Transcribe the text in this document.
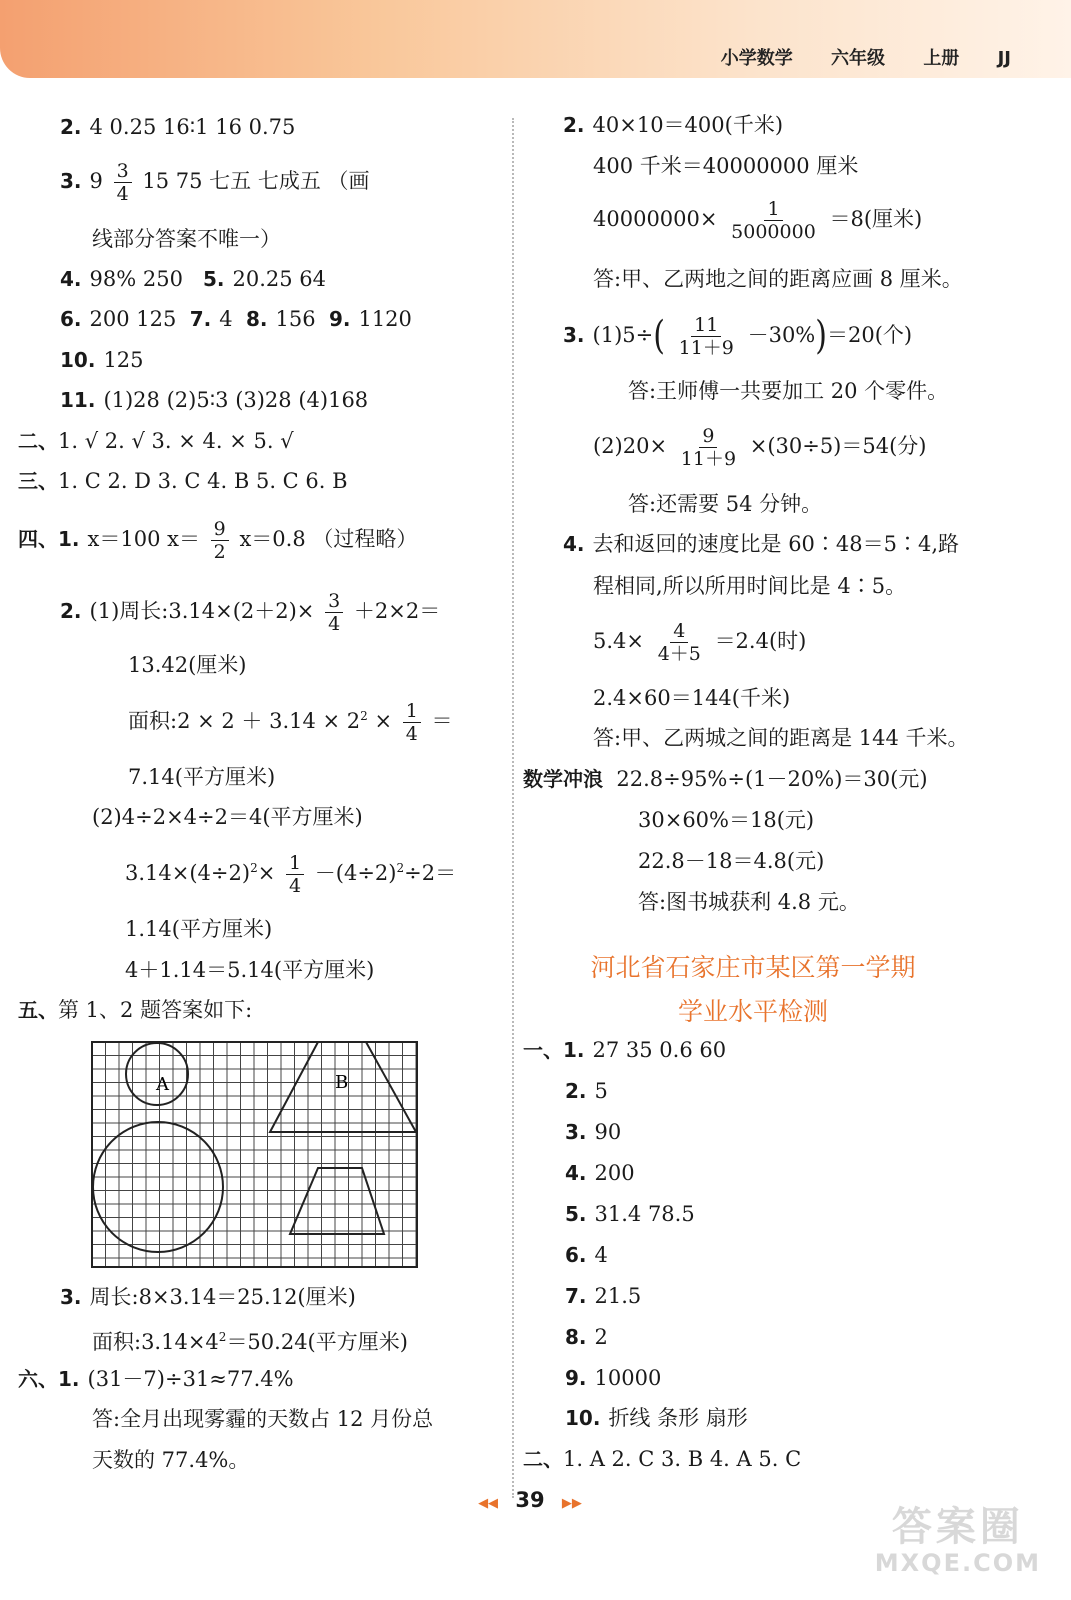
小学数学 六年级 上册 JJ
2. 4 0.25 16∶1 16 0.75
3. $9 \frac{3}{4} 15$ 75 七五 七成五 （画
线部分答案不唯一）
4. 98% 250 5. 20.25 64
6. 200 125 7. 4 8. 156 9. 1120
10. 125
11. (1)28 (2)5∶3 (3)28 (4)168
二、1. √ 2. √ 3. × 4. × 5. √
三、1. C 2. D 3. C 4. B 5. C 6. B
四、1. x＝100 $x= \frac{9}{2} x=0.8$ （过程略）
2. (1)周长:3.14×(2＋2)× $\frac{3}{4} +2\times 2=$
13.42(厘米)
面积:2 × $2 + 3.14 \times 2^2 \times \frac{1}{4}$ ＝
7.14(平方厘米)
(2)4÷2×4÷2＝4(平方厘米)
$3.14\times(4\div 2)^2\times \frac{1}{4} -(4\div 2)^2\div 2=$
1.14(平方厘米)
4＋1.14＝5.14(平方厘米)
五、第 1、2 题答案如下:
A	B
3. 周长:8×3.14＝25.12(厘米)
面积$:3.14\times 4^2=50.24$(平方厘米)
六、1. (31－7)÷31≈77.4%
答:全月出现雾霾的天数占 12 月份总
天数的 77.4%。
2. 40×10＝400(千米)
400 千米＝40000000 厘米
$40000000\times \frac{1}{5000000} =8$(厘米)
答:甲、乙两地之间的距离应画 8 厘米。
3. $(1)5\div( \frac{11}{11+9} -30\%)=20$(个)
答:王师傅一共要加工 20 个零件。
$(2)20\times \frac{9}{11+9} \times(30\div 5)=54$(分)
答:还需要 54 分钟。
4. 去和返回的速度比是 60∶48＝5∶4,路
程相同,所以所用时间比是 4∶5。
$5.4\times \frac{4}{4+5} =2.4$(时)
2.4×60＝144(千米)
答:甲、乙两城之间的距离是 144 千米。
数学冲浪 22.8÷95%÷(1－20%)＝30(元)
30×60%＝18(元)
22.8－18＝4.8(元)
答:图书城获利 4.8 元。
河北省石家庄市某区第一学期
学业水平检测
一、1. 27 35 0.6 60
2. 5
3. 90
4. 200
5. 31.4 78.5
6. 4
7. 21.5
8. 2
9. 10000
10. 折线 条形 扇形
二、1. A 2. C 3. B 4. A 5. C
◀◀ 39 ▶▶
答案圈
MXQE.COM
